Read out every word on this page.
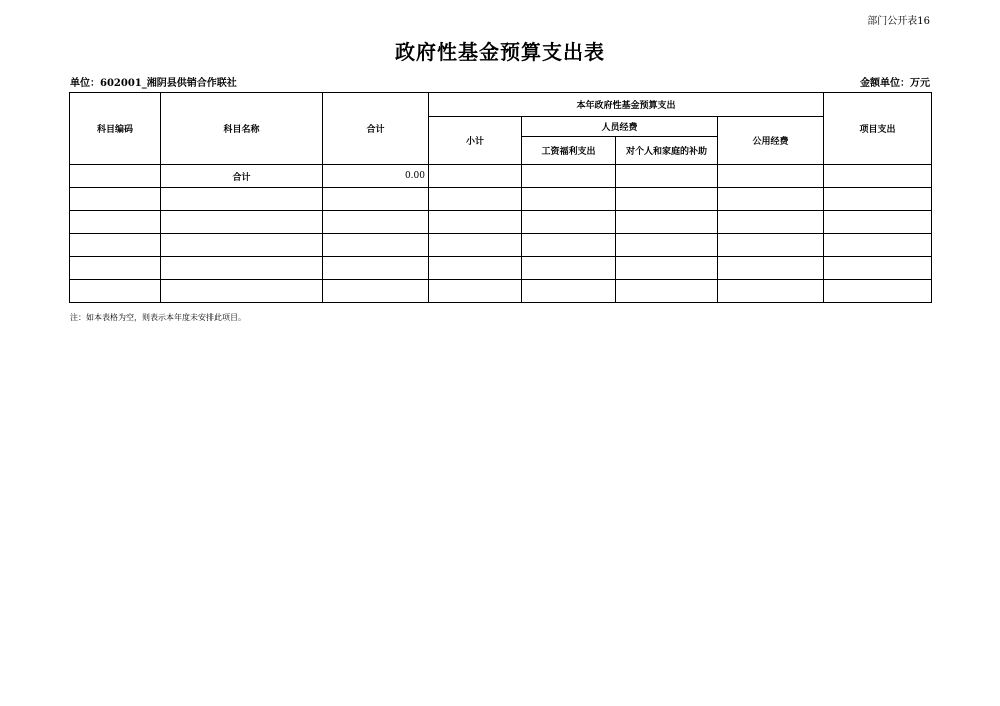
部门公开表16
政府性基金预算支出表
单位：602001_湘阴县供销合作联社	金额单位：万元
科目编码	科目名称	合计	本年政府性基金预算支出				项目支出
			小计	人员经费		公用经费	
				工资福利支出	对个人和家庭的补助		
	合计	0.00					

注：如本表格为空，则表示本年度未安排此项目。
